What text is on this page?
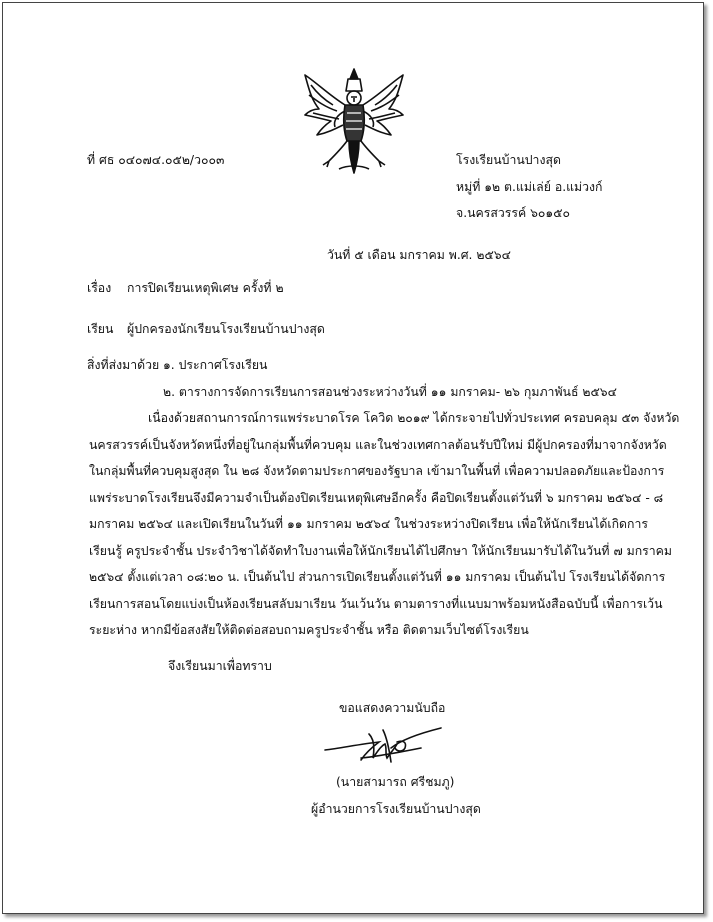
ที่ ศธ ๐๔๐๗๔.๐๕๒/ว๐๐๓	โรงเรียนบ้านปางสุด
หมู่ที่ ๑๒ ต.แม่เล่ย์ อ.แม่วงก์
จ.นครสวรรค์ ๖๐๑๕๐
วันที่ ๕ เดือน มกราคม พ.ศ. ๒๕๖๔
เรื่อง การปิดเรียนเหตุพิเศษ ครั้งที่ ๒
เรียน ผู้ปกครองนักเรียนโรงเรียนบ้านปางสุด
สิ่งที่ส่งมาด้วย ๑. ประกาศโรงเรียน
๒. ตารางการจัดการเรียนการสอนช่วงระหว่างวันที่ ๑๑ มกราคม- ๒๖ กุมภาพันธ์ ๒๕๖๔
เนื่องด้วยสถานการณ์การแพร่ระบาดโรค โควิด ๒๐๑๙ ได้กระจายไปทั่วประเทศ ครอบคลุม ๕๓ จังหวัด
นครสวรรค์เป็นจังหวัดหนึ่งที่อยู่ในกลุ่มพื้นที่ควบคุม และในช่วงเทศกาลต้อนรับปีใหม่ มีผู้ปกครองที่มาจากจังหวัด
ในกลุ่มพื้นที่ควบคุมสูงสุด ใน ๒๘ จังหวัดตามประกาศของรัฐบาล เข้ามาในพื้นที่ เพื่อความปลอดภัยและป้องการ
แพร่ระบาดโรงเรียนจึงมีความจำเป็นต้องปิดเรียนเหตุพิเศษอีกครั้ง คือปิดเรียนตั้งแต่วันที่ ๖ มกราคม ๒๕๖๔ - ๘
มกราคม ๒๕๖๔ และเปิดเรียนในวันที่ ๑๑ มกราคม ๒๕๖๔ ในช่วงระหว่างปิดเรียน เพื่อให้นักเรียนได้เกิดการ
เรียนรู้ ครูประจำชั้น ประจำวิชาได้จัดทำใบงานเพื่อให้นักเรียนได้ไปศึกษา ให้นักเรียนมารับได้ในวันที่ ๗ มกราคม
๒๕๖๔ ตั้งแต่เวลา ๐๘:๒๐ น. เป็นต้นไป ส่วนการเปิดเรียนตั้งแต่วันที่ ๑๑ มกราคม เป็นต้นไป โรงเรียนได้จัดการ
เรียนการสอนโดยแบ่งเป็นห้องเรียนสลับมาเรียน วันเว้นวัน ตามตารางที่แนบมาพร้อมหนังสือฉบับนี้ เพื่อการเว้น
ระยะห่าง หากมีข้อสงสัยให้ติดต่อสอบถามครูประจำชั้น หรือ ติดตามเว็บไซต์โรงเรียน
จึงเรียนมาเพื่อทราบ
ขอแสดงความนับถือ
(นายสามารถ ศรีชมภู)
ผู้อำนวยการโรงเรียนบ้านปางสุด
